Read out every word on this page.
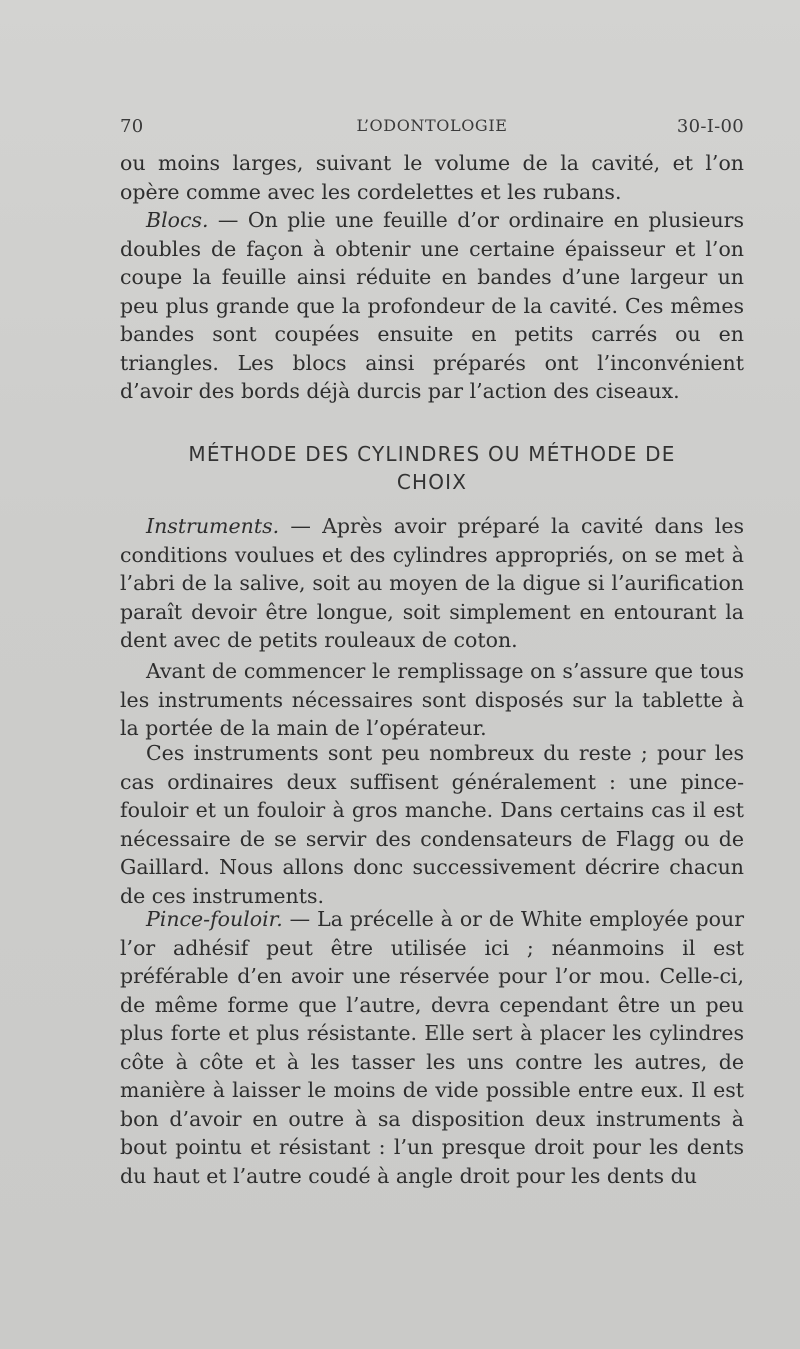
70	L’ODONTOLOGIE	30-I-00

ou moins larges, suivant le volume de la cavité, et l’on opère comme avec les cordelettes et les rubans.

Blocs. — On plie une feuille d’or ordinaire en plusieurs doubles de façon à obtenir une certaine épaisseur et l’on coupe la feuille ainsi réduite en bandes d’une largeur un peu plus grande que la profondeur de la cavité. Ces mêmes bandes sont coupées ensuite en petits carrés ou en triangles. Les blocs ainsi préparés ont l’inconvénient d’avoir des bords déjà durcis par l’action des ciseaux.

MÉTHODE DES CYLINDRES OU MÉTHODE DE
CHOIX

Instruments. — Après avoir préparé la cavité dans les conditions voulues et des cylindres appropriés, on se met à l’abri de la salive, soit au moyen de la digue si l’aurification paraît devoir être longue, soit simplement en entourant la dent avec de petits rouleaux de coton.

Avant de commencer le remplissage on s’assure que tous les instruments nécessaires sont disposés sur la tablette à la portée de la main de l’opérateur.

Ces instruments sont peu nombreux du reste ; pour les cas ordinaires deux suffisent généralement : une pince-fouloir et un fouloir à gros manche. Dans certains cas il est nécessaire de se servir des condensateurs de Flagg ou de Gaillard. Nous allons donc successivement décrire chacun de ces instruments.

Pince-fouloir. — La précelle à or de White employée pour l’or adhésif peut être utilisée ici ; néanmoins il est préférable d’en avoir une réservée pour l’or mou. Celle-ci, de même forme que l’autre, devra cependant être un peu plus forte et plus résistante. Elle sert à placer les cylindres côte à côte et à les tasser les uns contre les autres, de manière à laisser le moins de vide possible entre eux. Il est bon d’avoir en outre à sa disposition deux instruments à bout pointu et résistant : l’un presque droit pour les dents du haut et l’autre coudé à angle droit pour les dents du
